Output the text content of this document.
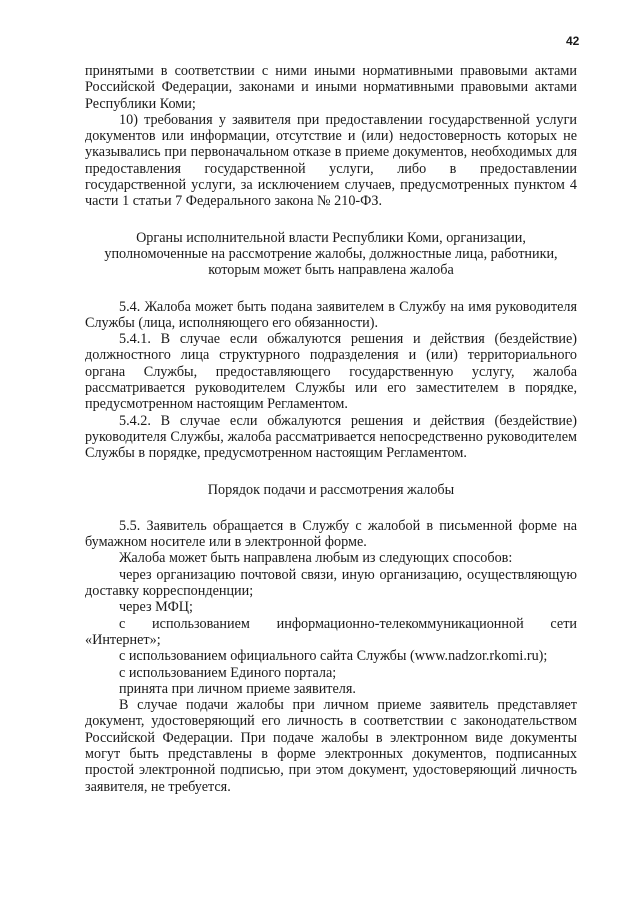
42

принятыми в соответствии с ними иными нормативными правовыми актами Российской Федерации, законами и иными нормативными правовыми актами Республики Коми;

10) требования у заявителя при предоставлении государственной услуги документов или информации, отсутствие и (или) недостоверность которых не указывались при первоначальном отказе в приеме документов, необходимых для предоставления государственной услуги, либо в предоставлении государственной услуги, за исключением случаев, предусмотренных пунктом 4 части 1 статьи 7 Федерального закона № 210-ФЗ.

Органы исполнительной власти Республики Коми, организации, уполномоченные на рассмотрение жалобы, должностные лица, работники, которым может быть направлена жалоба

5.4. Жалоба может быть подана заявителем в Службу на имя руководителя Службы (лица, исполняющего его обязанности).

5.4.1. В случае если обжалуются решения и действия (бездействие) должностного лица структурного подразделения и (или) территориального органа Службы, предоставляющего государственную услугу, жалоба рассматривается руководителем Службы или его заместителем в порядке, предусмотренном настоящим Регламентом.

5.4.2. В случае если обжалуются решения и действия (бездействие) руководителя Службы, жалоба рассматривается непосредственно руководителем Службы в порядке, предусмотренном настоящим Регламентом.

Порядок подачи и рассмотрения жалобы

5.5. Заявитель обращается в Службу с жалобой в письменной форме на бумажном носителе или в электронной форме.

Жалоба может быть направлена любым из следующих способов:

через организацию почтовой связи, иную организацию, осуществляющую доставку корреспонденции;

через МФЦ;

с использованием информационно-телекоммуникационной сети «Интернет»;

с использованием официального сайта Службы (www.nadzor.rkomi.ru);

с использованием Единого портала;

принята при личном приеме заявителя.

В случае подачи жалобы при личном приеме заявитель представляет документ, удостоверяющий его личность в соответствии с законодательством Российской Федерации. При подаче жалобы в электронном виде документы могут быть представлены в форме электронных документов, подписанных простой электронной подписью, при этом документ, удостоверяющий личность заявителя, не требуется.
